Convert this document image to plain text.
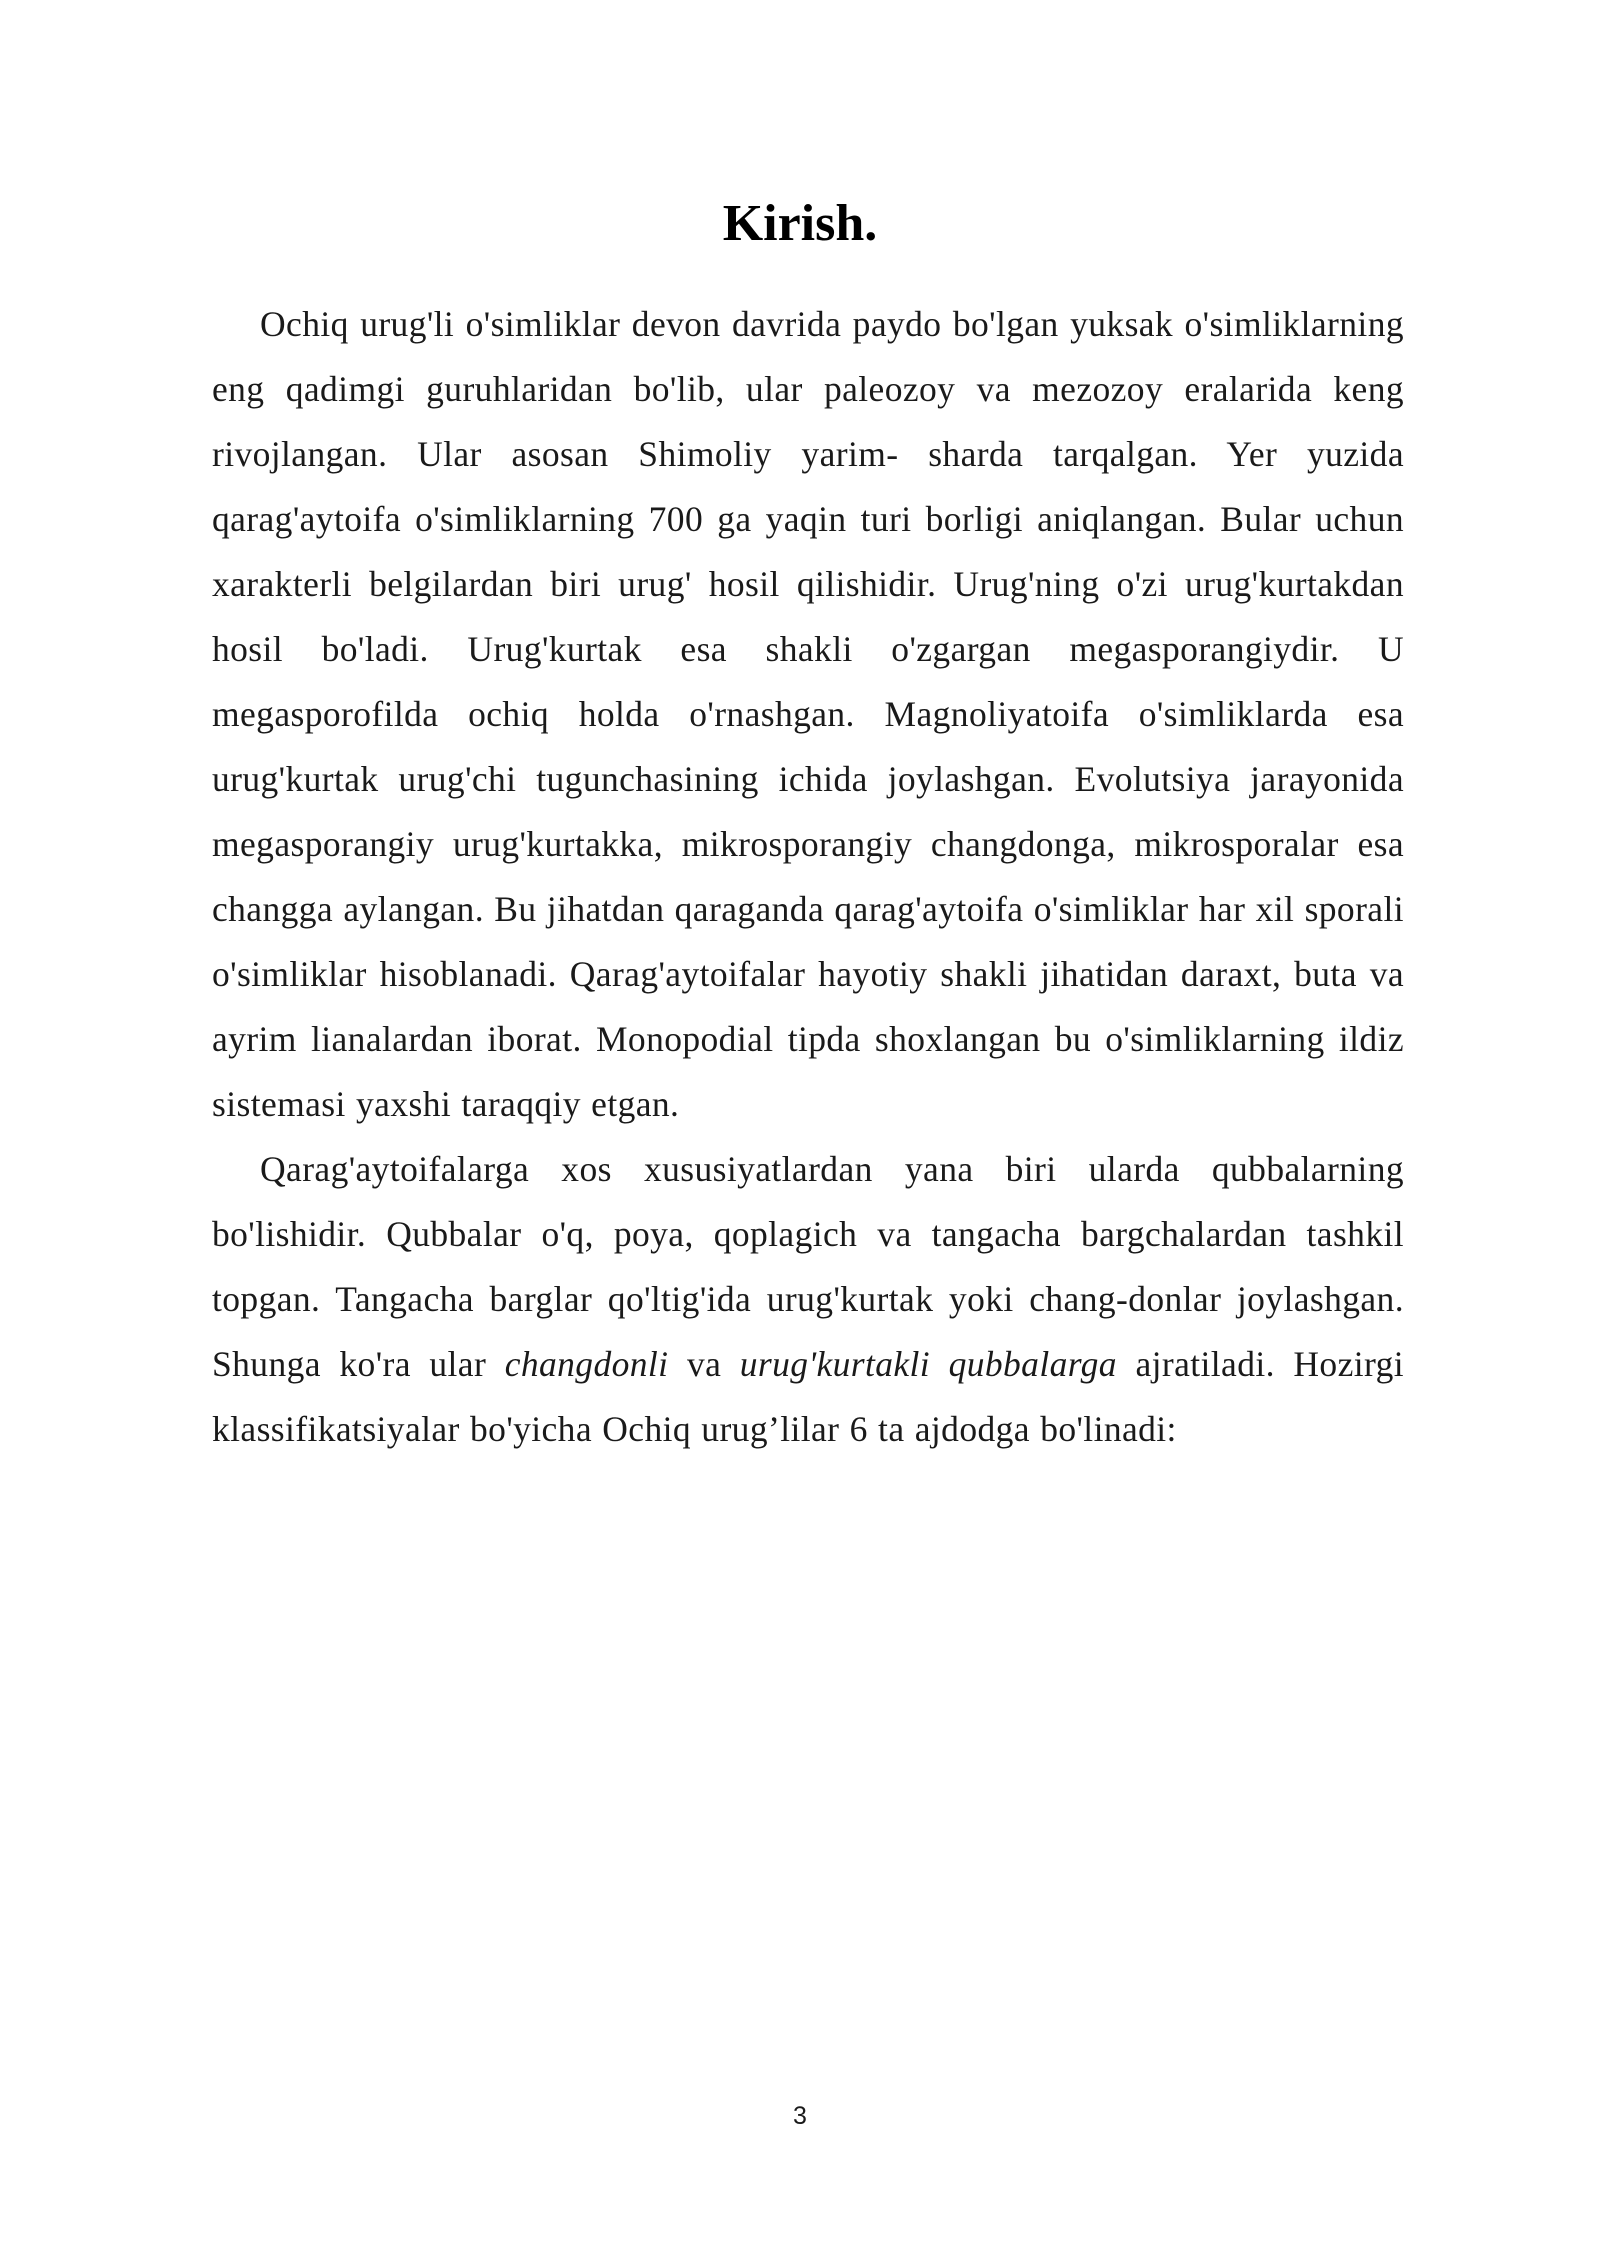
Kirish.

Ochiq urug'li o'simliklar devon davrida paydo bo'lgan yuksak o'simliklarning eng qadimgi guruhlaridan bo'lib, ular paleozoy va mezozoy eralarida keng rivojlangan. Ular asosan Shimoliy yarim- sharda tarqalgan. Yer yuzida qarag'aytoifa o'simliklarning 700 ga yaqin turi borligi aniqlangan. Bular uchun xarakterli belgilardan biri urug' hosil qilishidir. Urug'ning o'zi urug'kurtakdan hosil bo'ladi. Urug'kurtak esa shakli o'zgargan megasporangiydir. U megasporofilda ochiq holda o'rnashgan. Magnoliyatoifa o'simliklarda esa urug'kurtak urug'chi tugunchasining ichida joylashgan. Evolutsiya jarayonida megasporangiy urug'kurtakka, mikrosporangiy changdonga, mikrosporalar esa changga aylangan. Bu jihatdan qaraganda qarag'aytoifa o'simliklar har xil sporali o'simliklar hisoblanadi. Qarag'aytoifalar hayotiy shakli jihatidan daraxt, buta va ayrim lianalardan iborat. Monopodial tipda shoxlangan bu o'simliklarning ildiz sistemasi yaxshi taraqqiy etgan.

Qarag'aytoifalarga xos xususiyatlardan yana biri ularda qubbalarning bo'lishidir. Qubbalar o'q, poya, qoplagich va tangacha bargchalardan tashkil topgan. Tangacha barglar qo'ltig'ida urug'kurtak yoki chang-donlar joylashgan. Shunga ko'ra ular changdonli va urug'kurtakli qubbalarga ajratiladi. Hozirgi klassifikatsiyalar bo'yicha Ochiq urug’lilar 6 ta ajdodga bo'linadi:

3
